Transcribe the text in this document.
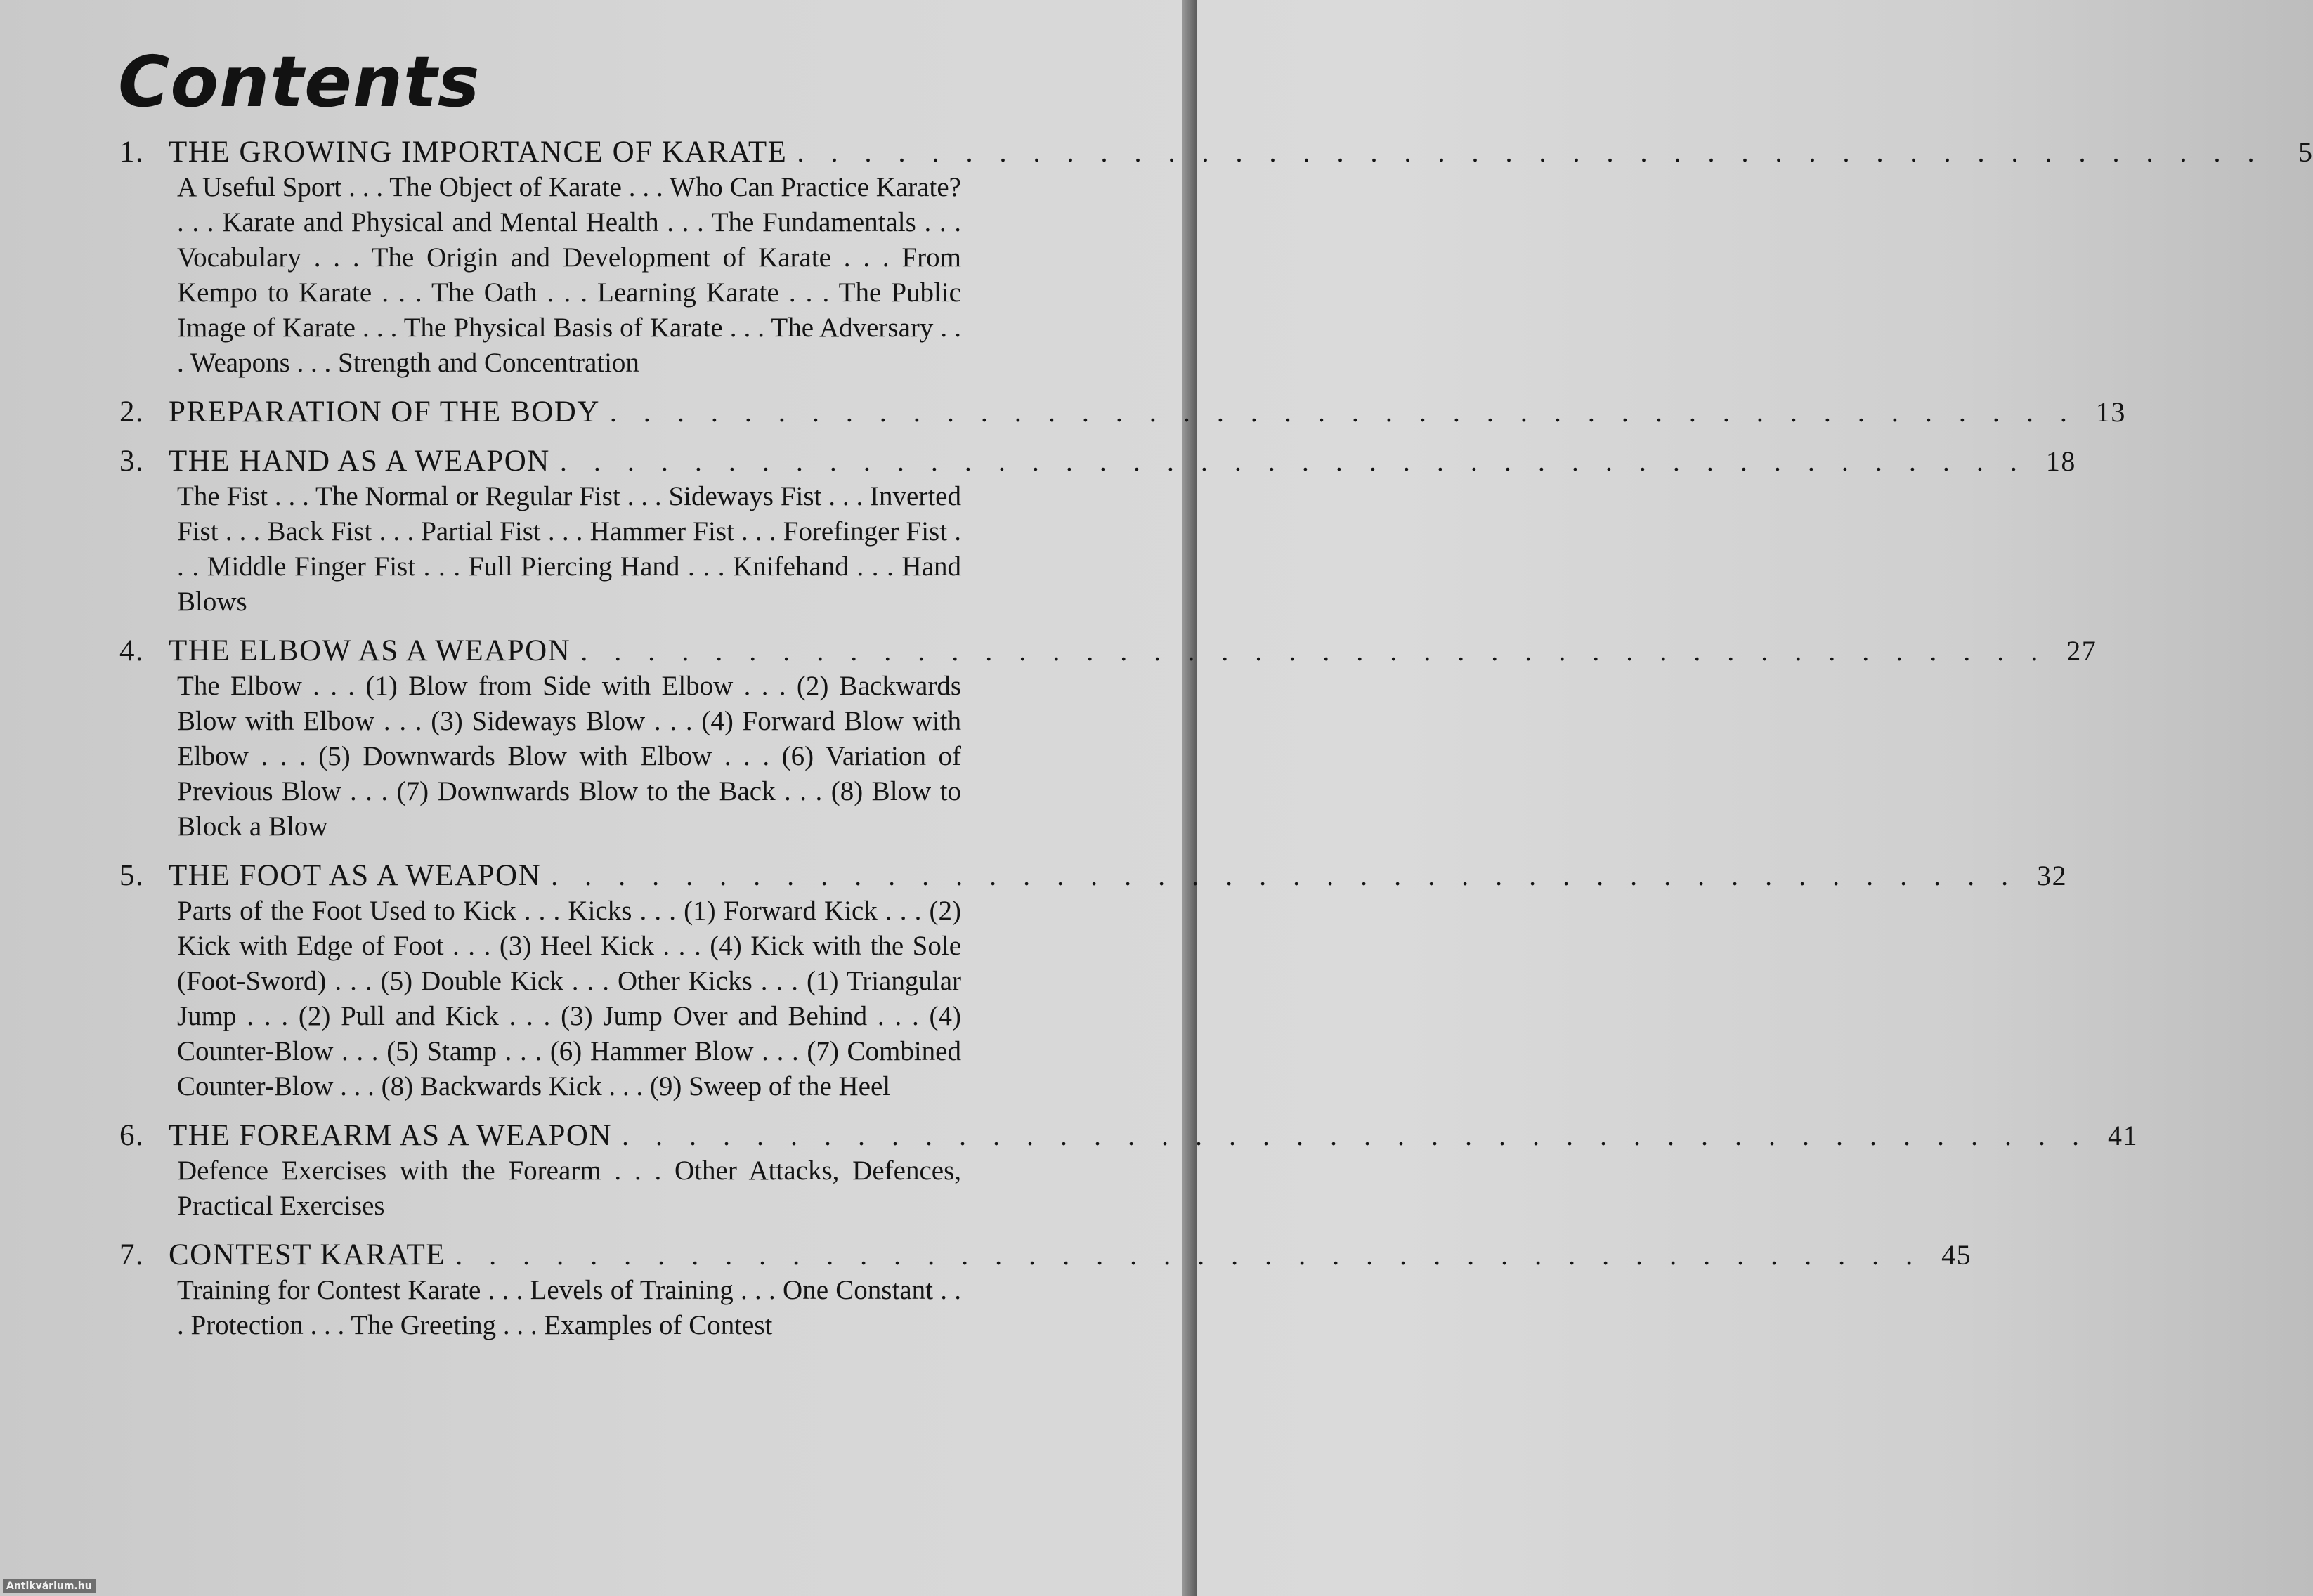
Contents
1. THE GROWING IMPORTANCE OF KARATE . . . . . . . . . . . . . . . . . . . . . . . . . . . . . . . . . . . . . . . . . . . .	5

A Useful Sport . . . The Object of Karate . . . Who Can Practice Karate? . . . Karate and Physical and Mental Health . . . The Fundamentals . . . Vocabulary . . . The Origin and Development of Karate . . . From Kempo to Karate . . . The Oath . . . Learning Karate . . . The Public Image of Karate . . . The Physical Basis of Karate . . . The Adversary . . . Weapons . . . Strength and Concentration

2. PREPARATION OF THE BODY . . . . . . . . . . . . . . . . . . . . . . . . . . . . . . . . . . . . . . . . . . . . 13
3. THE HAND AS A WEAPON . . . . . . . . . . . . . . . . . . . . . . . . . . . . . . . . . . . . . . . . . . . . 18

The Fist . . . The Normal or Regular Fist . . . Sideways Fist . . . Inverted Fist . . . Back Fist . . . Partial Fist . . . Hammer Fist . . . Forefinger Fist . . . Middle Finger Fist . . . Full Piercing Hand . . . Knifehand . . . Hand Blows

4. THE ELBOW AS A WEAPON . . . . . . . . . . . . . . . . . . . . . . . . . . . . . . . . . . . . . . . . . . . . 27

The Elbow . . . (1) Blow from Side with Elbow . . . (2) Backwards Blow with Elbow . . . (3) Sideways Blow . . . (4) Forward Blow with Elbow . . . (5) Downwards Blow with Elbow . . . (6) Variation of Previous Blow . . . (7) Downwards Blow to the Back . . . (8) Blow to Block a Blow

5. THE FOOT AS A WEAPON . . . . . . . . . . . . . . . . . . . . . . . . . . . . . . . . . . . . . . . . . . . . 32

Parts of the Foot Used to Kick . . . Kicks . . . (1) Forward Kick . . . (2) Kick with Edge of Foot . . . (3) Heel Kick . . . (4) Kick with the Sole (Foot-Sword) . . . (5) Double Kick . . . Other Kicks . . . (1) Triangular Jump . . . (2) Pull and Kick . . . (3) Jump Over and Behind . . . (4) Counter-Blow . . . (5) Stamp . . . (6) Hammer Blow . . . (7) Combined Counter-Blow . . . (8) Backwards Kick . . . (9) Sweep of the Heel

6. THE FOREARM AS A WEAPON . . . . . . . . . . . . . . . . . . . . . . . . . . . . . . . . . . . . . . . . . . . . 41

Defence Exercises with the Forearm . . . Other Attacks, Defences, Practical Exercises

7. CONTEST KARATE . . . . . . . . . . . . . . . . . . . . . . . . . . . . . . . . . . . . . . . . . . . . 45

Training for Contest Karate . . . Levels of Training . . . One Constant . . . Protection . . . The Greeting . . . Examples of Contest

Antikvárium.hu
